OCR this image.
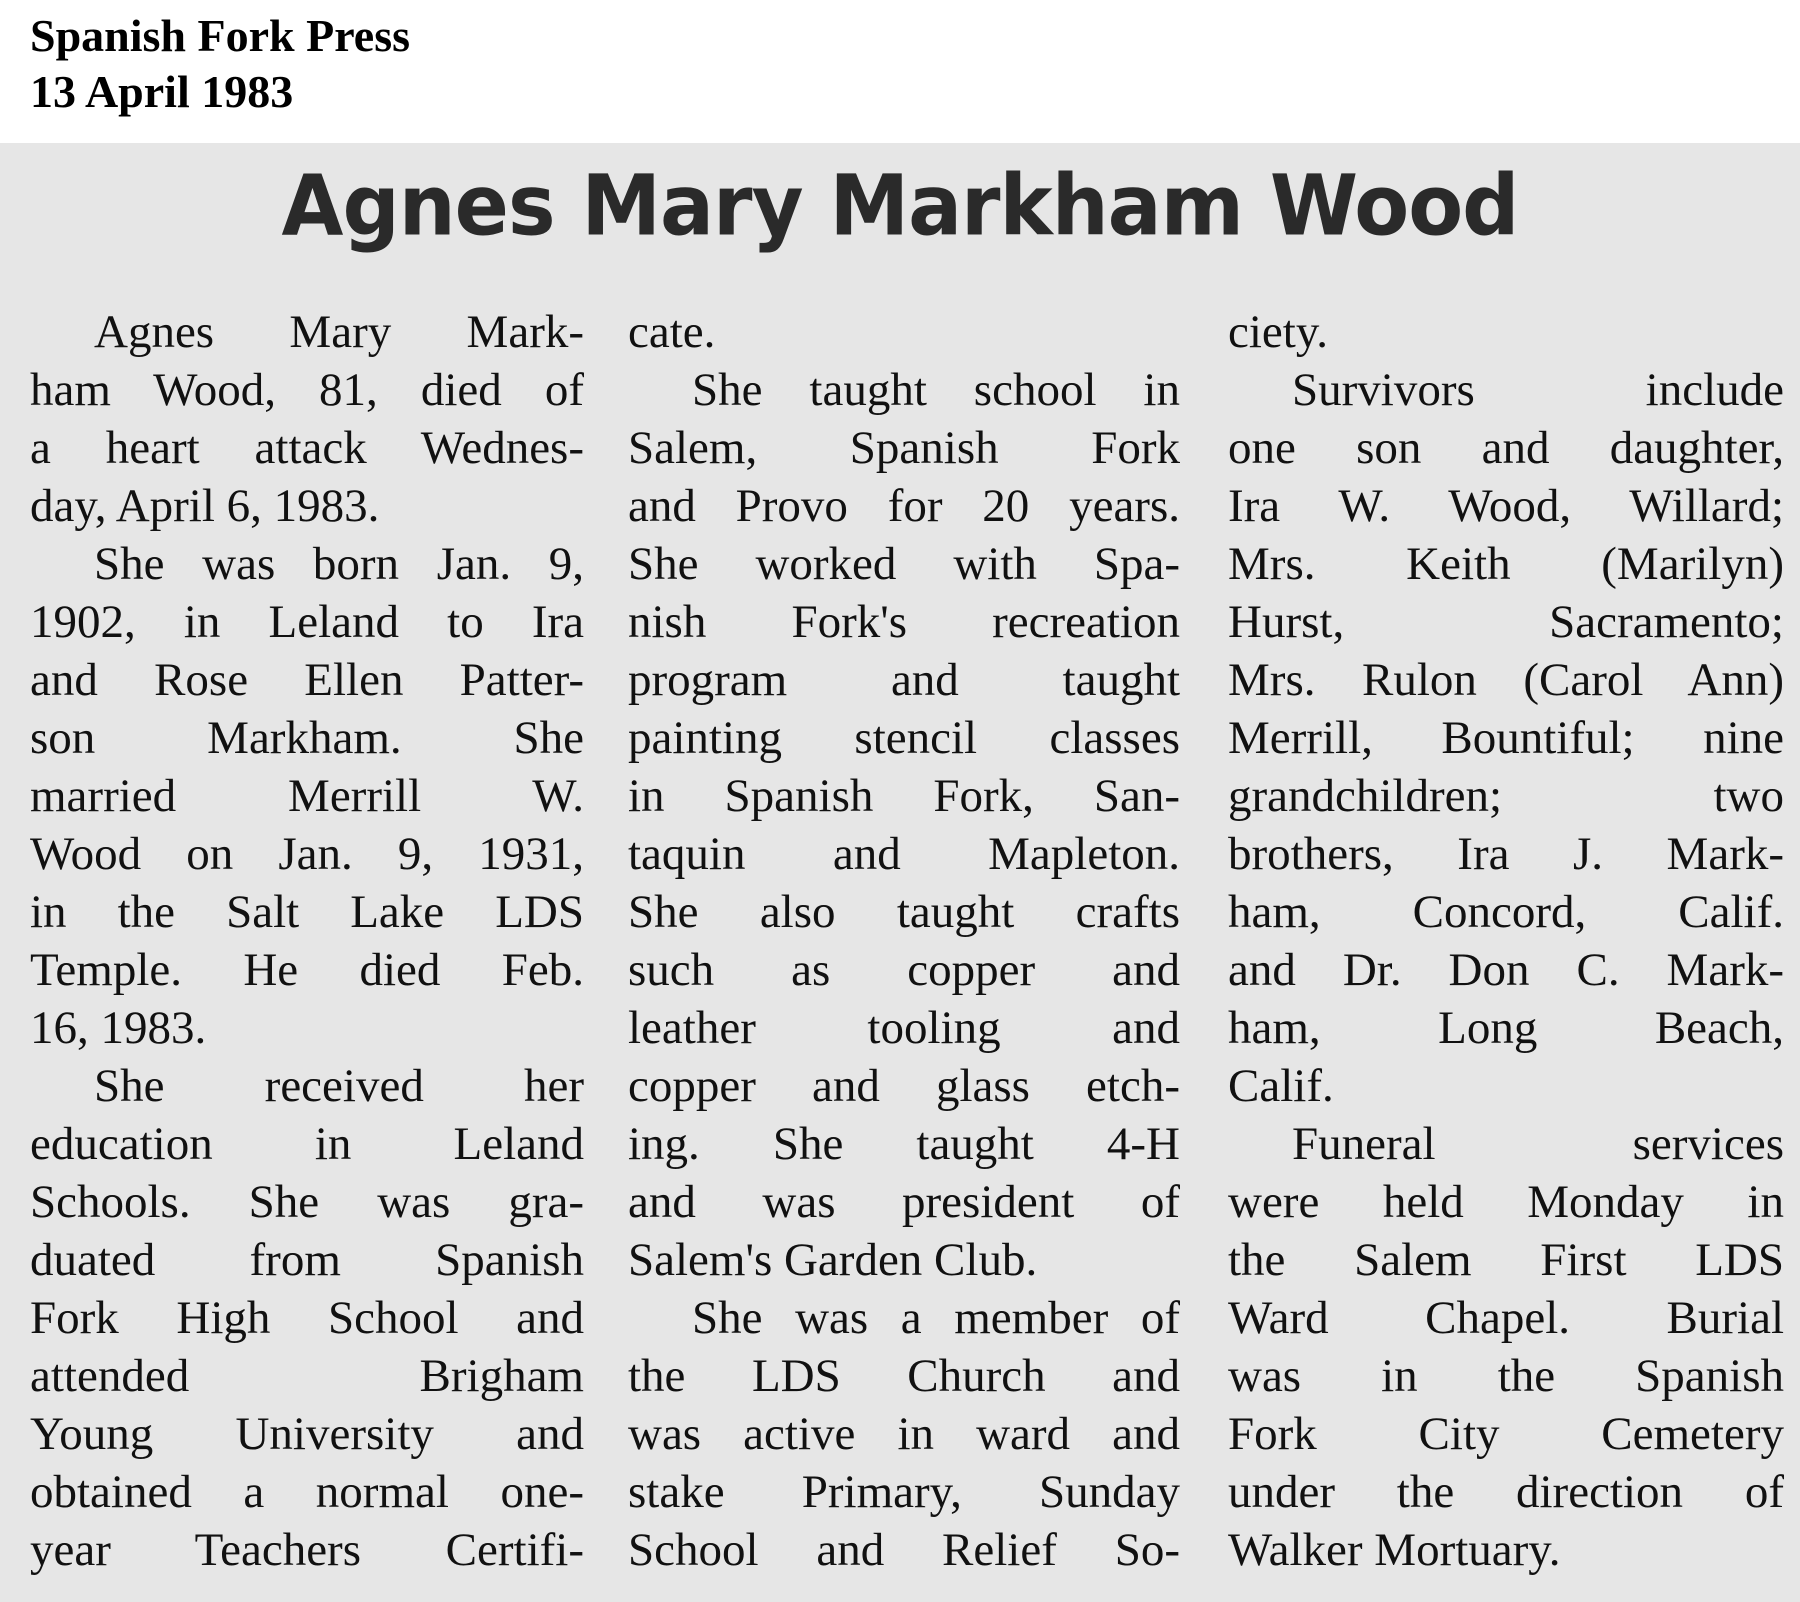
Spanish Fork Press
13 April 1983
Agnes Mary Markham Wood
Agnes Mary Mark-
ham Wood, 81, died of
a heart attack Wednes-
day, April 6, 1983.
She was born Jan. 9,
1902, in Leland to Ira
and Rose Ellen Patter-
son Markham. She
married Merrill W.
Wood on Jan. 9, 1931,
in the Salt Lake LDS
Temple. He died Feb.
16, 1983.
She received her
education in Leland
Schools. She was gra-
duated from Spanish
Fork High School and
attended Brigham
Young University and
obtained a normal one-
year Teachers Certifi-
cate.
She taught school in
Salem, Spanish Fork
and Provo for 20 years.
She worked with Spa-
nish Fork's recreation
program and taught
painting stencil classes
in Spanish Fork, San-
taquin and Mapleton.
She also taught crafts
such as copper and
leather tooling and
copper and glass etch-
ing. She taught 4-H
and was president of
Salem's Garden Club.
She was a member of
the LDS Church and
was active in ward and
stake Primary, Sunday
School and Relief So-
ciety.
Survivors include
one son and daughter,
Ira W. Wood, Willard;
Mrs. Keith (Marilyn)
Hurst, Sacramento;
Mrs. Rulon (Carol Ann)
Merrill, Bountiful; nine
grandchildren; two
brothers, Ira J. Mark-
ham, Concord, Calif.
and Dr. Don C. Mark-
ham, Long Beach,
Calif.
Funeral services
were held Monday in
the Salem First LDS
Ward Chapel. Burial
was in the Spanish
Fork City Cemetery
under the direction of
Walker Mortuary.
